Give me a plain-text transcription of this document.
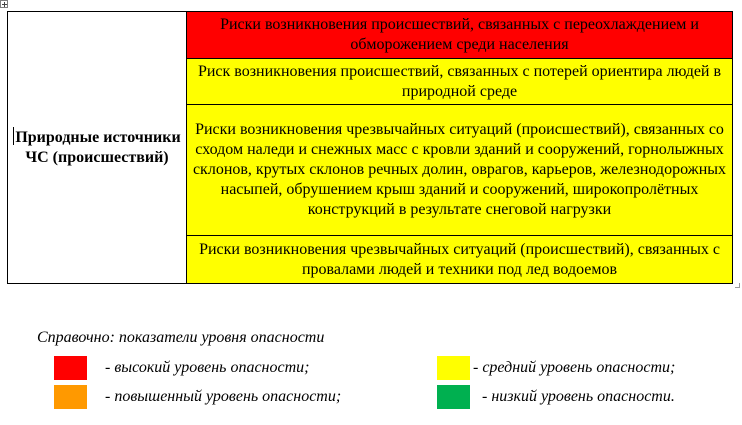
Природные источники ЧС (происшествий)	Риски возникновения происшествий, связанных с переохлаждением и обморожением среди населения
Риск возникновения происшествий, связанных с потерей ориентира людей в природной среде
Риски возникновения чрезвычайных ситуаций (происшествий), связанных со сходом наледи и снежных масс с кровли зданий и сооружений, горнолыжных склонов, крутых склонов речных долин, оврагов, карьеров, железнодорожных насыпей, обрушением крыш зданий и сооружений, широкопролётных конструкций в результате снеговой нагрузки
Риски возникновения чрезвычайных ситуаций (происшествий), связанных с провалами людей и техники под лед водоемов
Справочно: показатели уровня опасности
- высокий уровень опасности;
- повышенный уровень опасности;
- средний уровень опасности;
- низкий уровень опасности.
